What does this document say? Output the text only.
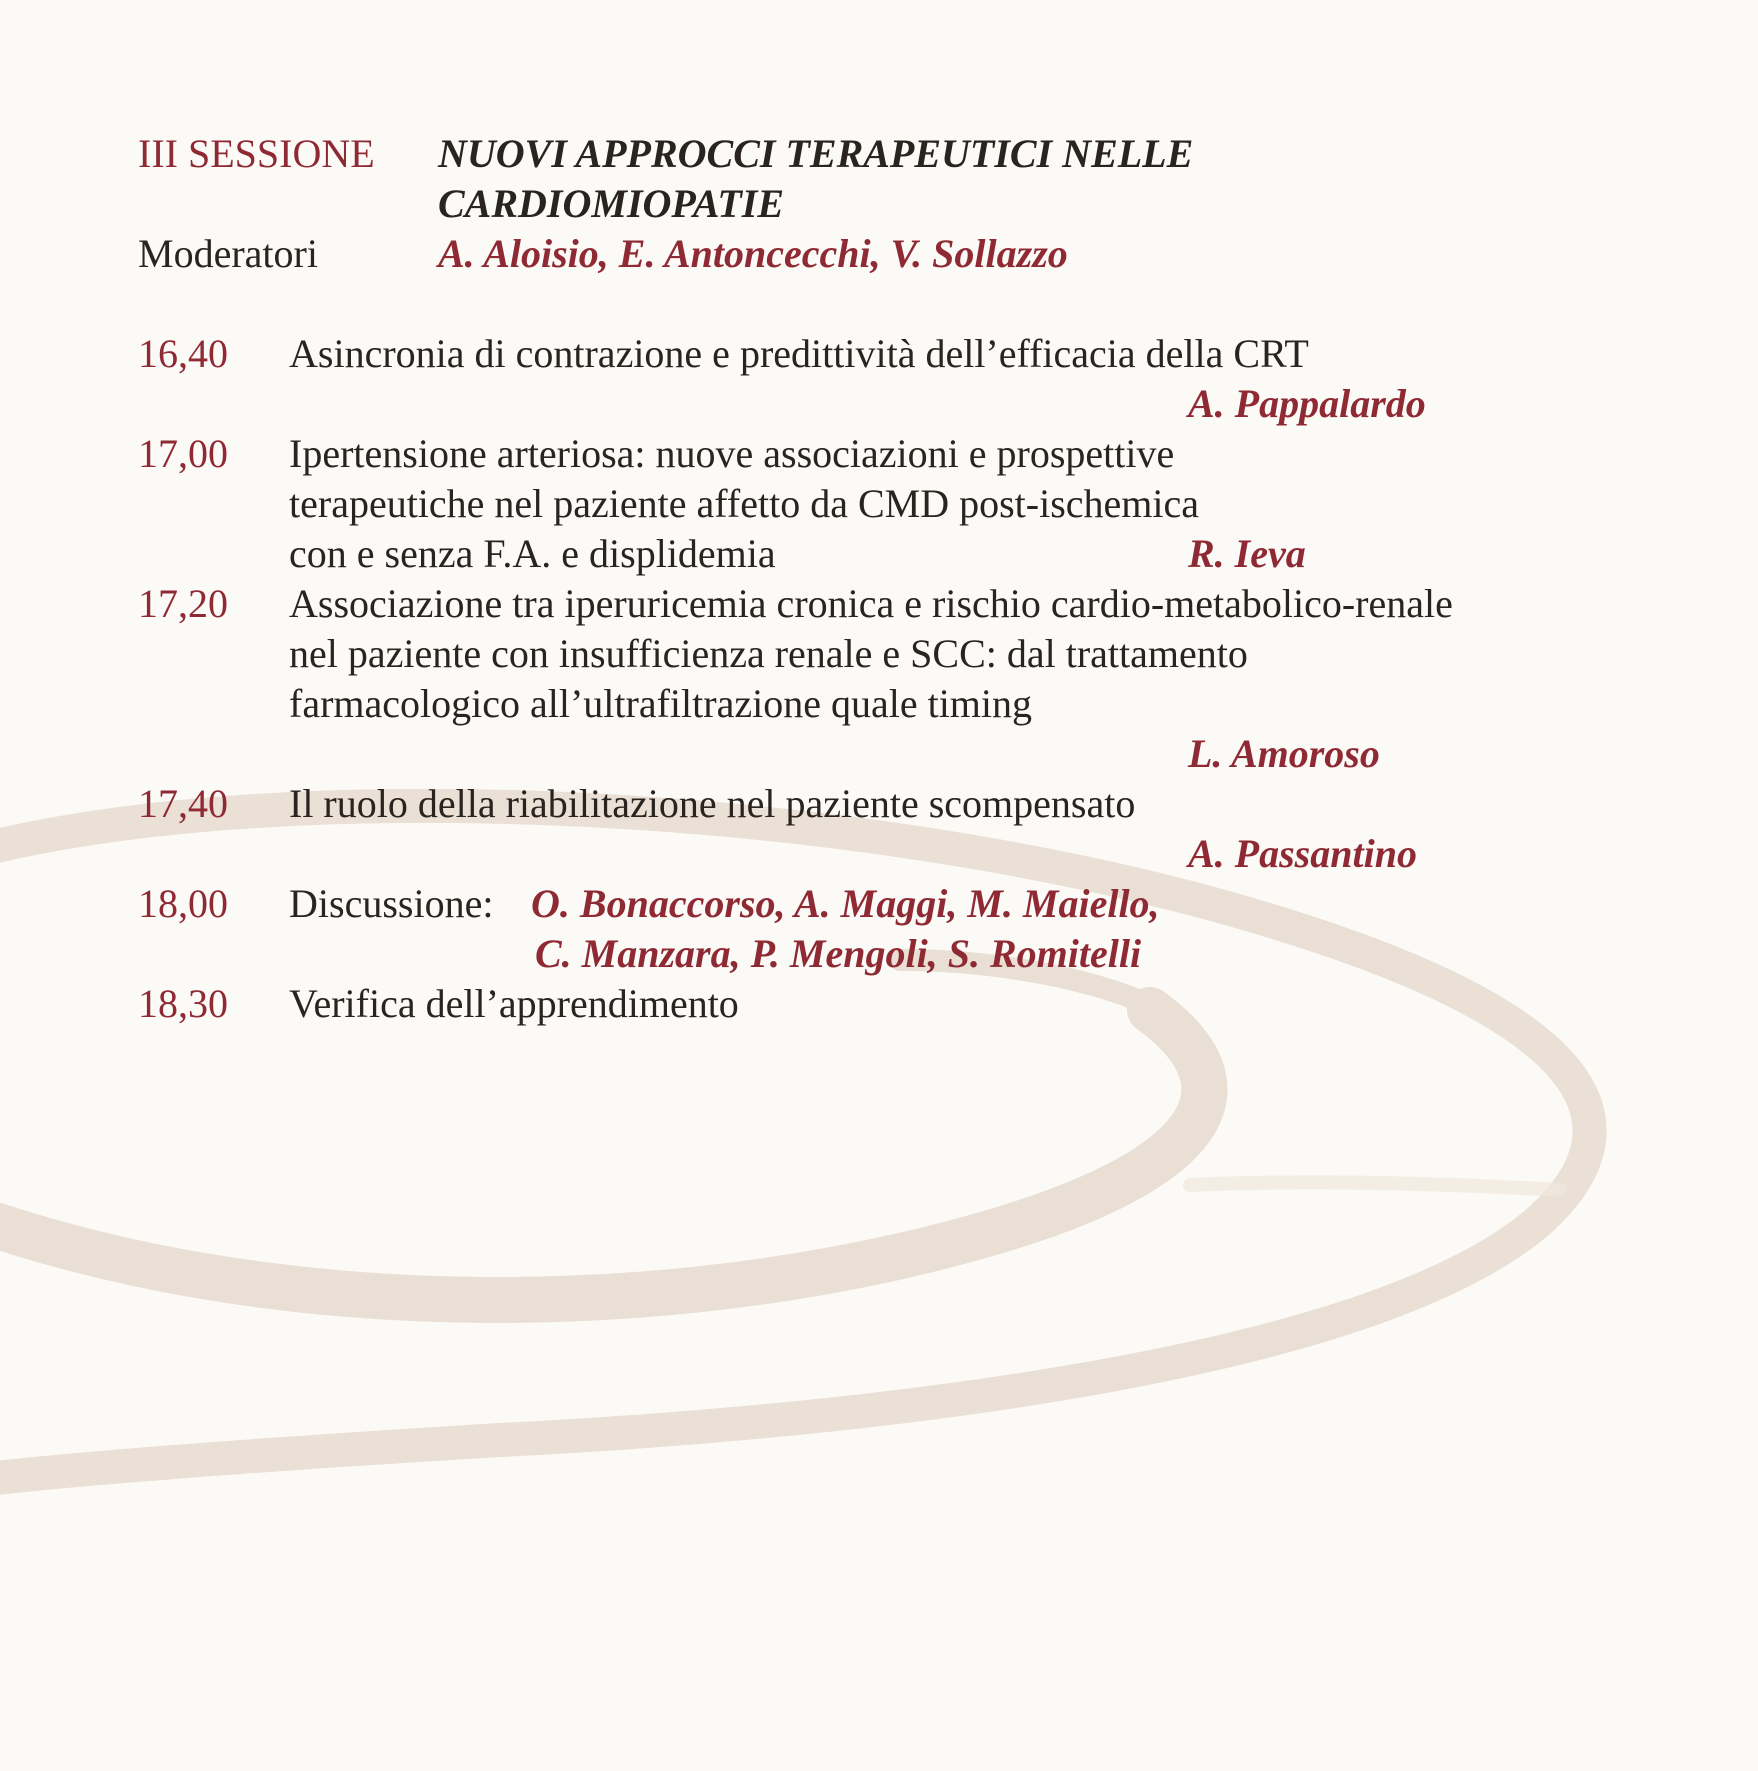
III SESSIONE NUOVI APPROCCI TERAPEUTICI NELLE
CARDIOMIOPATIE
Moderatori	A. Aloisio, E. Antoncecchi, V. Sollazzo
16,40 Asincronia di contrazione e predittività dell’efficacia della CRT
A. Pappalardo
17,00 Ipertensione arteriosa: nuove associazioni e prospettive
terapeutiche nel paziente affetto da CMD post-ischemica
con e senza F.A. e displidemia	R. Ieva
17,20 Associazione tra iperuricemia cronica e rischio cardio-metabolico-renale
nel paziente con insufficienza renale e SCC: dal trattamento
farmacologico all’ultrafiltrazione quale timing
L. Amoroso
17,40 Il ruolo della riabilitazione nel paziente scompensato
A. Passantino
18,00 Discussione: O. Bonaccorso, A. Maggi, M. Maiello,
C. Manzara, P. Mengoli, S. Romitelli
18,30 Verifica dell’apprendimento
